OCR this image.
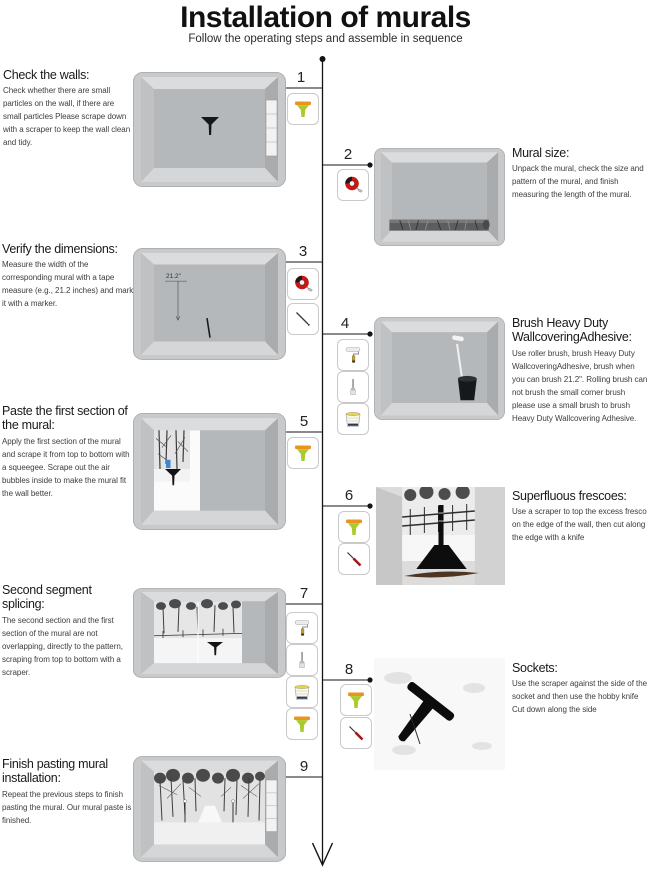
Installation of murals
Follow the operating steps and assemble in sequence
1
2
3
4
5
6
7
8
9
Check the walls:

Check whether there are small particles on the wall, if there are small particles Please scrape down with a scraper to keep the wall clean and tidy.

Mural size:

Unpack the mural, check the size and pattern of the mural, and finish measuring the length of the mural.

Verify the dimensions:

Measure the width of the corresponding mural with a tape measure (e.g., 21.2 inches) and mark it with a marker.

Brush Heavy Duty WallcoveringAdhesive:

Use roller brush, brush Heavy Duty WallcoveringAdhesive, brush when you can brush 21.2". Rolling brush can not brush the small corner brush please use a small brush to brush Heavy Duty Wallcovering Adhesive.

Paste the first section of the mural:

Apply the first section of the mural and scrape it from top to bottom with a squeegee. Scrape out the air bubbles inside to make the mural fit the wall better.	Superfluous frescoes:

Use a scraper to top the excess fresco on the edge of the wall, then cut along the edge with a knife

Second segment splicing:

The second section and the first section of the mural are not overlapping, directly to the pattern, scraping from top to bottom with a scraper.	Sockets:

Use the scraper against the side of the socket and then use the hobby knife Cut down along the side

Finish pasting mural installation:

Repeat the previous steps to finish pasting the mural. Our mural paste is finished.

21.2"
